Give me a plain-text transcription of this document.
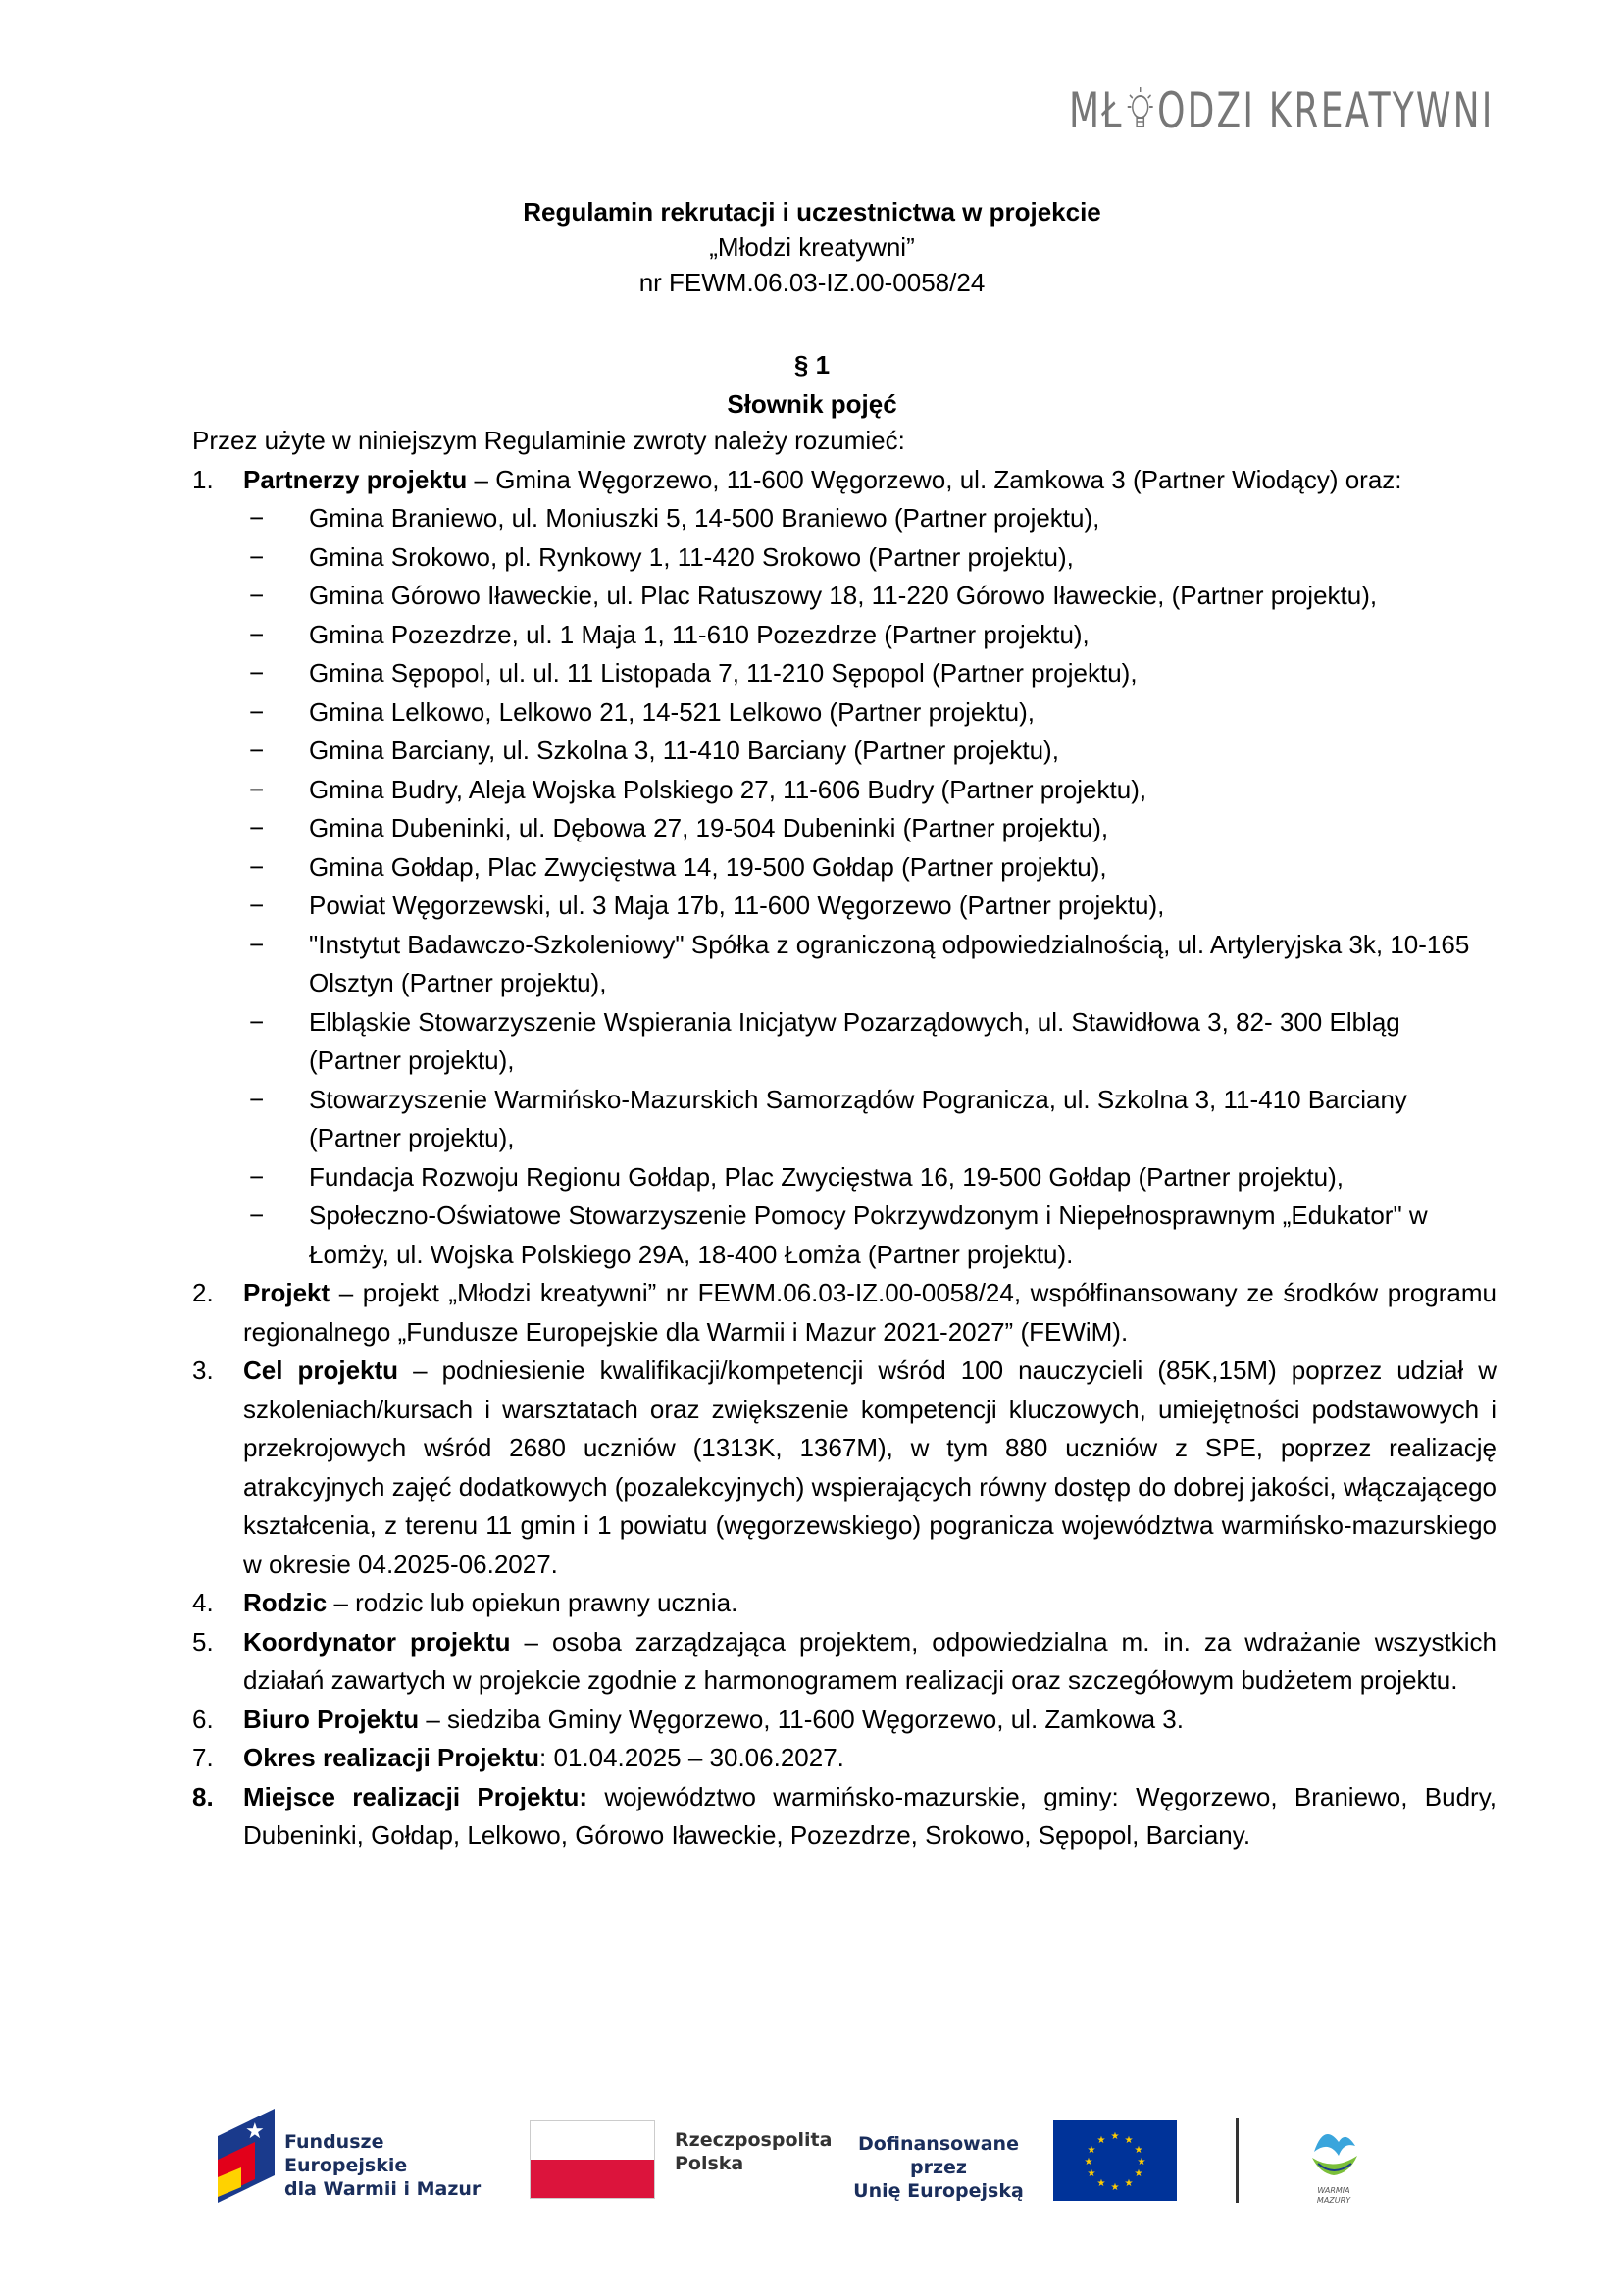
MŁ ODZI KREATYWNI
Regulamin rekrutacji i uczestnictwa w projekcie
„Młodzi kreatywni”
nr FEWM.06.03-IZ.00-0058/24
§ 1
Słownik pojęć

Przez użyte w niniejszym Regulaminie zwroty należy rozumieć:

1. Partnerzy projektu – Gmina Węgorzewo, 11-600 Węgorzewo, ul. Zamkowa 3 (Partner Wiodący) oraz:
− Gmina Braniewo, ul. Moniuszki 5, 14-500 Braniewo (Partner projektu),
− Gmina Srokowo, pl. Rynkowy 1, 11-420 Srokowo (Partner projektu),
− Gmina Górowo Iławeckie, ul. Plac Ratuszowy 18, 11-220 Górowo Iławeckie, (Partner projektu),
− Gmina Pozezdrze, ul. 1 Maja 1, 11-610 Pozezdrze (Partner projektu),
− Gmina Sępopol, ul. ul. 11 Listopada 7, 11-210 Sępopol (Partner projektu),
− Gmina Lelkowo, Lelkowo 21, 14-521 Lelkowo (Partner projektu),
− Gmina Barciany, ul. Szkolna 3, 11-410 Barciany (Partner projektu),
− Gmina Budry, Aleja Wojska Polskiego 27, 11-606 Budry (Partner projektu),
− Gmina Dubeninki, ul. Dębowa 27, 19-504 Dubeninki (Partner projektu),
− Gmina Gołdap, Plac Zwycięstwa 14, 19-500 Gołdap (Partner projektu),
− Powiat Węgorzewski, ul. 3 Maja 17b, 11-600 Węgorzewo (Partner projektu),
− "Instytut Badawczo-Szkoleniowy" Spółka z ograniczoną odpowiedzialnością, ul. Artyleryjska 3k, 10-165 Olsztyn (Partner projektu),
− Elbląskie Stowarzyszenie Wspierania Inicjatyw Pozarządowych, ul. Stawidłowa 3, 82- 300 Elbląg (Partner projektu),
− Stowarzyszenie Warmińsko-Mazurskich Samorządów Pogranicza, ul. Szkolna 3, 11-410 Barciany (Partner projektu),
− Fundacja Rozwoju Regionu Gołdap, Plac Zwycięstwa 16, 19-500 Gołdap (Partner projektu),
− Społeczno-Oświatowe Stowarzyszenie Pomocy Pokrzywdzonym i Niepełnosprawnym „Edukator" w Łomży, ul. Wojska Polskiego 29A, 18-400 Łomża (Partner projektu).
2. Projekt – projekt „Młodzi kreatywni” nr FEWM.06.03-IZ.00-0058/24, współfinansowany ze środków programu regionalnego „Fundusze Europejskie dla Warmii i Mazur 2021-2027” (FEWiM).
3. Cel projektu – podniesienie kwalifikacji/kompetencji wśród 100 nauczycieli (85K,15M) poprzez udział w szkoleniach/kursach i warsztatach oraz zwiększenie kompetencji kluczowych, umiejętności podstawowych i przekrojowych wśród 2680 uczniów (1313K, 1367M), w tym 880 uczniów z SPE, poprzez realizację atrakcyjnych zajęć dodatkowych (pozalekcyjnych) wspierających równy dostęp do dobrej jakości, włączającego kształcenia, z terenu 11 gmin i 1 powiatu (węgorzewskiego) pogranicza województwa warmińsko-mazurskiego w okresie 04.2025-06.2027.
4. Rodzic – rodzic lub opiekun prawny ucznia.
5. Koordynator projektu – osoba zarządzająca projektem, odpowiedzialna m. in. za wdrażanie wszystkich działań zawartych w projekcie zgodnie z harmonogramem realizacji oraz szczegółowym budżetem projektu.
6. Biuro Projektu – siedziba Gminy Węgorzewo, 11-600 Węgorzewo, ul. Zamkowa 3.
7. Okres realizacji Projektu: 01.04.2025 – 30.06.2027.
8. Miejsce realizacji Projektu: województwo warmińsko-mazurskie, gminy: Węgorzewo, Braniewo, Budry, Dubeninki, Gołdap, Lelkowo, Górowo Iławeckie, Pozezdrze, Srokowo, Sępopol, Barciany.
★ Fundusze Europejskie
dla Warmii i Mazur
Rzeczpospolita
Polska
Dofinansowane przez
Unię Europejską
★ ★
★
★
★
★
★
★
★
★
★
★
WARMIA
MAZURY
